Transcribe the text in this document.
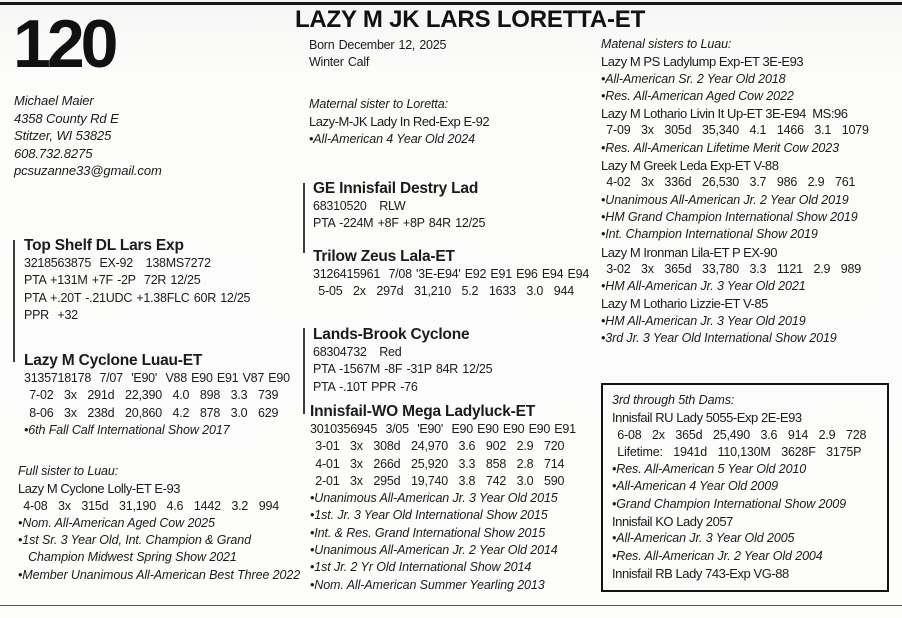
120	LAZY M JK LARS LORETTA-ET
Michael Maier
4358 County Rd E
Stitzer, WI 53825
608.732.8275
pcsuzanne33@gmail.com
Born December 12, 2025
Winter Calf
Maternal sister to Loretta:
Lazy-M-JK Lady In Red-Exp E-92
•All-American 4 Year Old 2024
Top Shelf DL Lars Exp
3218563875  EX-92   138MS7272
PTA +131M +7F -2P  72R 12/25
PTA +.20T -.21UDC +1.38FLC 60R 12/25
PPR  +32
Lazy M Cyclone Luau-ET
3135718178  7/07  'E90'  V88 E90 E91 V87 E90
7-02  3x  291d  22,390  4.0  898  3.3  739
8-06  3x  238d  20,860  4.2  878  3.0  629
•6th Fall Calf International Show 2017
Full sister to Luau:
Lazy M Cyclone Lolly-ET E-93
4-08  3x  315d  31,190  4.6  1442  3.2  994
•Nom. All-American Aged Cow 2025
•1st Sr. 3 Year Old, Int. Champion & Grand
Champion Midwest Spring Show 2021
•Member Unanimous All-American Best Three 2022
GE Innisfail Destry Lad
68310520   RLW
PTA -224M +8F +8P 84R 12/25
Trilow Zeus Lala-ET
3126415961  7/08 '3E-E94' E92 E91 E96 E94 E94
5-05  2x  297d  31,210  5.2  1633  3.0  944
Lands-Brook Cyclone
68304732   Red
PTA -1567M -8F -31P 84R 12/25
PTA -.10T PPR -76
Innisfail-WO Mega Ladyluck-ET
3010356945  3/05  'E90'  E90 E90 E90 E90 E91
3-01  3x  308d  24,970  3.6  902  2.9  720
4-01  3x  266d  25,920  3.3  858  2.8  714
2-01  3x  295d  19,740  3.8  742  3.0  590
•Unanimous All-American Jr. 3 Year Old 2015
•1st. Jr. 3 Year Old International Show 2015
•Int. & Res. Grand International Show 2015
•Unanimous All-American Jr. 2 Year Old 2014
•1st Jr. 2 Yr Old International Show 2014
•Nom. All-American Summer Yearling 2013
Matenal sisters to Luau:
Lazy M PS Ladylump Exp-ET 3E-E93
•All-American Sr. 2 Year Old 2018
•Res. All-American Aged Cow 2022
Lazy M Lothario Livin It Up-ET 3E-E94  MS:96
7-09  3x  305d  35,340  4.1  1466  3.1  1079
•Res. All-American Lifetime Merit Cow 2023
Lazy M Greek Leda Exp-ET V-88
4-02  3x  336d  26,530  3.7  986  2.9  761
•Unanimous All-American Jr. 2 Year Old 2019
•HM Grand Champion International Show 2019
•Int. Champion International Show 2019
Lazy M Ironman Lila-ET P EX-90
3-02  3x  365d  33,780  3.3  1121  2.9  989
•HM All-American Jr. 3 Year Old 2021
Lazy M Lothario Lizzie-ET V-85
•HM All-American Jr. 3 Year Old 2019
•3rd Jr. 3 Year Old International Show 2019
3rd through 5th Dams:
Innisfail RU Lady 5055-Exp 2E-E93
6-08  2x  365d  25,490  3.6  914  2.9  728
Lifetime:  1941d  110,130M  3628F  3175P
•Res. All-American 5 Year Old 2010
•All-American 4 Year Old 2009
•Grand Champion International Show 2009
Innisfail KO Lady 2057
•All-American Jr. 3 Year Old 2005
•Res. All-American Jr. 2 Year Old 2004
Innisfail RB Lady 743-Exp VG-88
